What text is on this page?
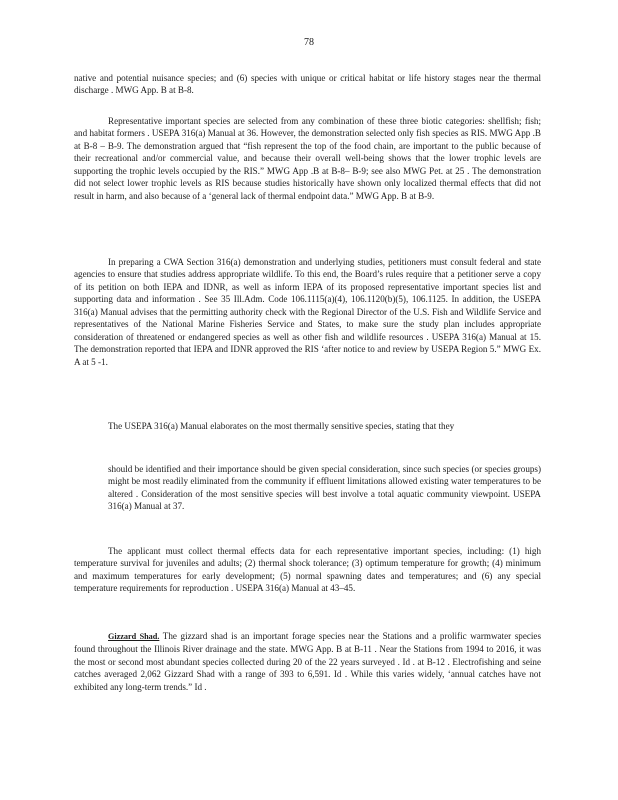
78

native and potential nuisance species; and (6) species with unique or critical habitat or life history stages near the thermal discharge . MWG App. B at B-8.

Representative important species are selected from any combination of these three biotic categories: shellfish; fish; and habitat formers . USEPA 316(a) Manual at 36. However, the demonstration selected only fish species as RIS. MWG App .B at B-8 – B-9. The demonstration argued that “fish represent the top of the food chain, are important to the public because of their recreational and/or commercial value, and because their overall well-being shows that the lower trophic levels are supporting the trophic levels occupied by the RIS.” MWG App .B at B-8– B-9; see also MWG Pet. at 25 . The demonstration did not select lower trophic levels as RIS because studies historically have shown only localized thermal effects that did not result in harm, and also because of a ‘general lack of thermal endpoint data.” MWG App. B at B-9.

In preparing a CWA Section 316(a) demonstration and underlying studies, petitioners must consult federal and state agencies to ensure that studies address appropriate wildlife. To this end, the Board’s rules require that a petitioner serve a copy of its petition on both IEPA and IDNR, as well as inform IEPA of its proposed representative important species list and supporting data and information . See 35 Ill.Adm. Code 106.1115(a)(4), 106.1120(b)(5), 106.1125. In addition, the USEPA 316(a) Manual advises that the permitting authority check with the Regional Director of the U.S. Fish and Wildlife Service and representatives of the National Marine Fisheries Service and States, to make sure the study plan includes appropriate consideration of threatened or endangered species as well as other fish and wildlife resources . USEPA 316(a) Manual at 15. The demonstration reported that IEPA and IDNR approved the RIS ‘after notice to and review by USEPA Region 5.” MWG Ex. A at 5 -1.

The USEPA 316(a) Manual elaborates on the most thermally sensitive species, stating that they

should be identified and their importance should be given special consideration, since such species (or species groups) might be most readily eliminated from the community if effluent limitations allowed existing water temperatures to be altered . Consideration of the most sensitive species will best involve a total aquatic community viewpoint. USEPA 316(a) Manual at 37.

The applicant must collect thermal effects data for each representative important species, including: (1) high temperature survival for juveniles and adults; (2) thermal shock tolerance; (3) optimum temperature for growth; (4) minimum and maximum temperatures for early development; (5) normal spawning dates and temperatures; and (6) any special temperature requirements for reproduction . USEPA 316(a) Manual at 43–45.

Gizzard Shad. The gizzard shad is an important forage species near the Stations and a prolific warmwater species found throughout the Illinois River drainage and the state. MWG App. B at B-11 . Near the Stations from 1994 to 2016, it was the most or second most abundant species collected during 20 of the 22 years surveyed . Id . at B-12 . Electrofishing and seine catches averaged 2,062 Gizzard Shad with a range of 393 to 6,591. Id . While this varies widely, ‘annual catches have not exhibited any long-term trends.” Id .
